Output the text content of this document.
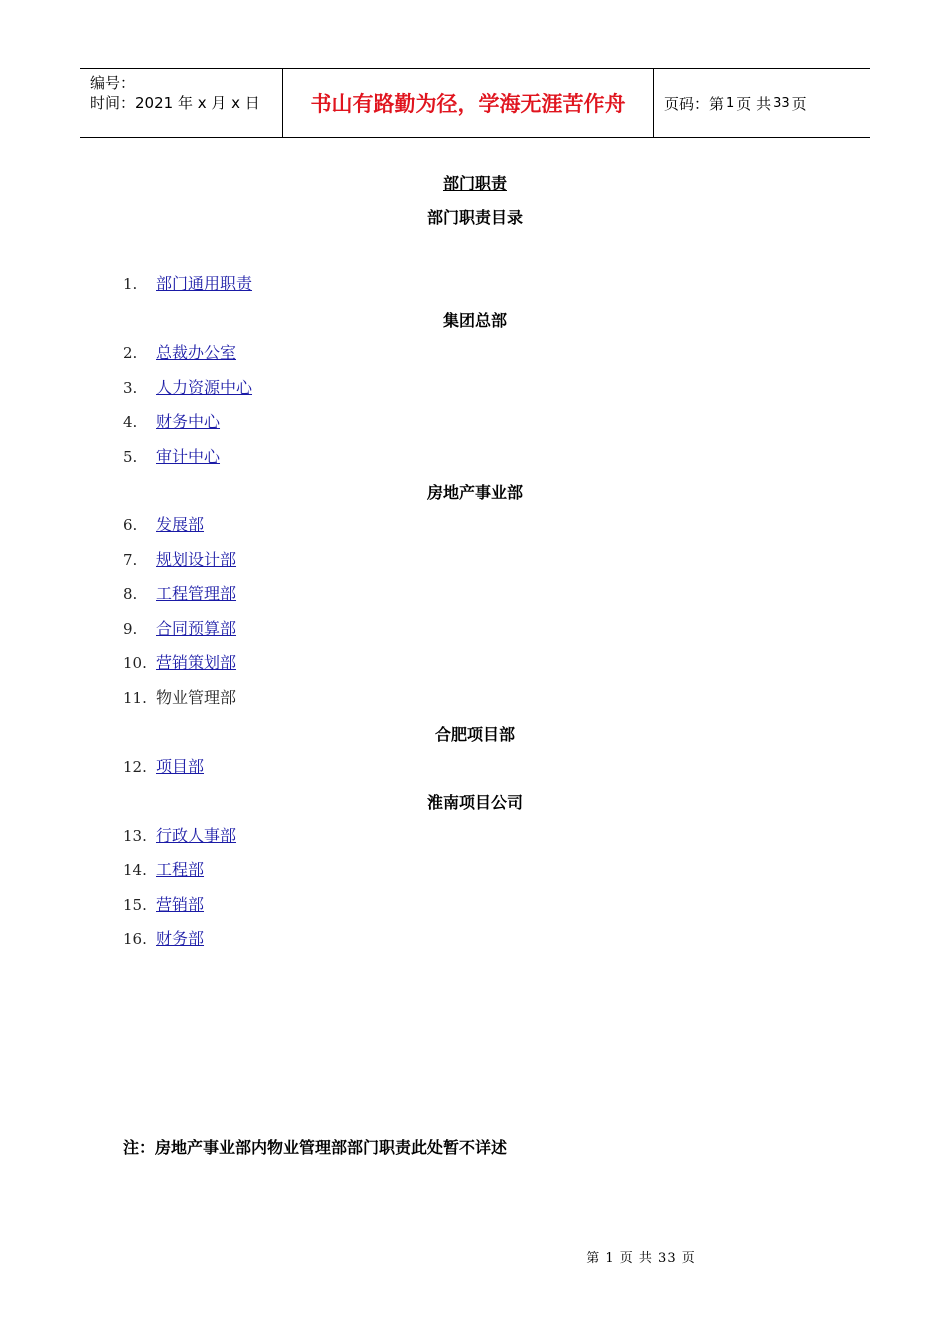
编号：
时间：2021 年 x 月 x 日	书山有路勤为径，学海无涯苦作舟	页码：第 1 页 共 33 页
部门职责
部门职责目录
1. 部门通用职责
集团总部
2. 总裁办公室
3. 人力资源中心
4. 财务中心
5. 审计中心
房地产事业部
6. 发展部
7. 规划设计部
8. 工程管理部
9. 合同预算部
10. 营销策划部
11. 物业管理部
合肥项目部
12. 项目部
淮南项目公司
13. 行政人事部
14. 工程部
15. 营销部
16. 财务部
注：房地产事业部内物业管理部部门职责此处暂不详述
第 1 页 共 33 页
